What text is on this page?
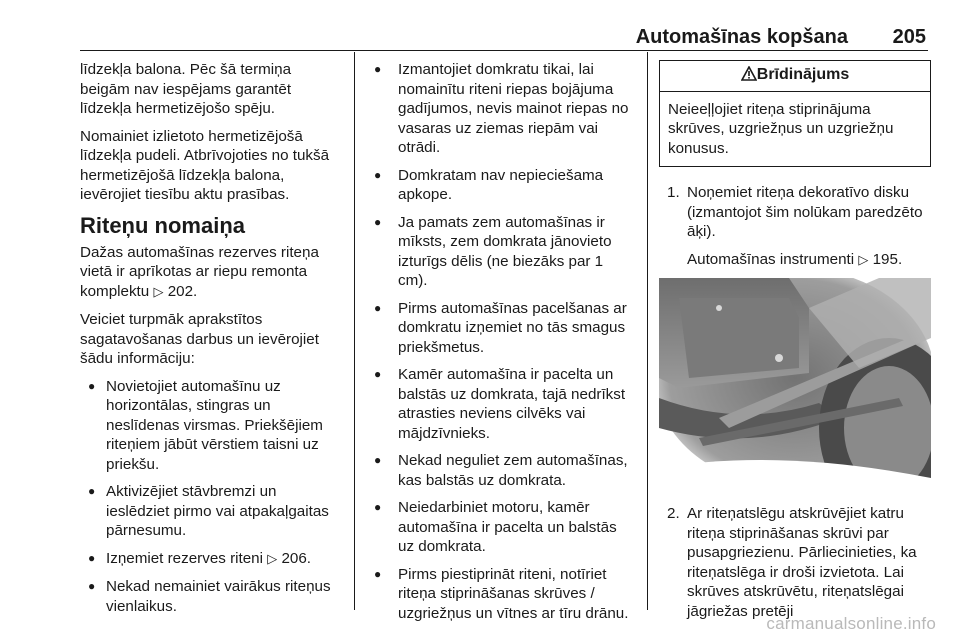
Automašīnas kopšana 205

līdzekļa balona. Pēc šā termiņa beigām nav iespējams garantēt līdzekļa hermetizējošo spēju.

Nomainiet izlietoto hermetizējošā līdzekļa pudeli. Atbrīvojoties no tukšā hermetizējošā līdzekļa balona, ievērojiet tiesību aktu prasības.

Riteņu nomaiņa

Dažas automašīnas rezerves riteņa vietā ir aprīkotas ar riepu remonta komplektu ▷ 202.

Veiciet turpmāk aprakstītos sagatavošanas darbus un ievērojiet šādu informāciju:

● Novietojiet automašīnu uz horizontālas, stingras un neslīdenas virsmas. Priekšējiem riteņiem jābūt vērstiem taisni uz priekšu.
● Aktivizējiet stāvbremzi un ieslēdziet pirmo vai atpakaļgaitas pārnesumu.
● Izņemiet rezerves riteni ▷ 206.
● Nekad nemainiet vairākus riteņus vienlaikus.
● Izmantojiet domkratu tikai, lai nomainītu riteni riepas bojājuma gadījumos, nevis mainot riepas no vasaras uz ziemas riepām vai otrādi.
● Domkratam nav nepieciešama apkope.
● Ja pamats zem automašīnas ir mīksts, zem domkrata jānovieto izturīgs dēlis (ne biezāks par 1 cm).
● Pirms automašīnas pacelšanas ar domkratu izņemiet no tās smagus priekšmetus.
● Kamēr automašīna ir pacelta un balstās uz domkrata, tajā nedrīkst atrasties neviens cilvēks vai mājdzīvnieks.
● Nekad neguliet zem automašīnas, kas balstās uz domkrata.
● Neiedarbiniet motoru, kamēr automašīna ir pacelta un balstās uz domkrata.
● Pirms piestiprināt riteni, notīriet riteņa stiprināšanas skrūves / uzgriežņus un vītnes ar tīru drānu.
Brīdinājums
Neieeļļojiet riteņa stiprinājuma skrūves, uzgriežņus un uzgriežņu konusus.
1. Noņemiet riteņa dekoratīvo disku (izmantojot šim nolūkam paredzēto āķi).

Automašīnas instrumenti ▷ 195.

2. Ar riteņatslēgu atskrūvējiet katru riteņa stiprināšanas skrūvi par pusapgriezienu. Pārliecinieties, ka riteņatslēga ir droši izvietota. Lai skrūves atskrūvētu, riteņatslēgai jāgriežas pretēji
carmanualsonline.info
